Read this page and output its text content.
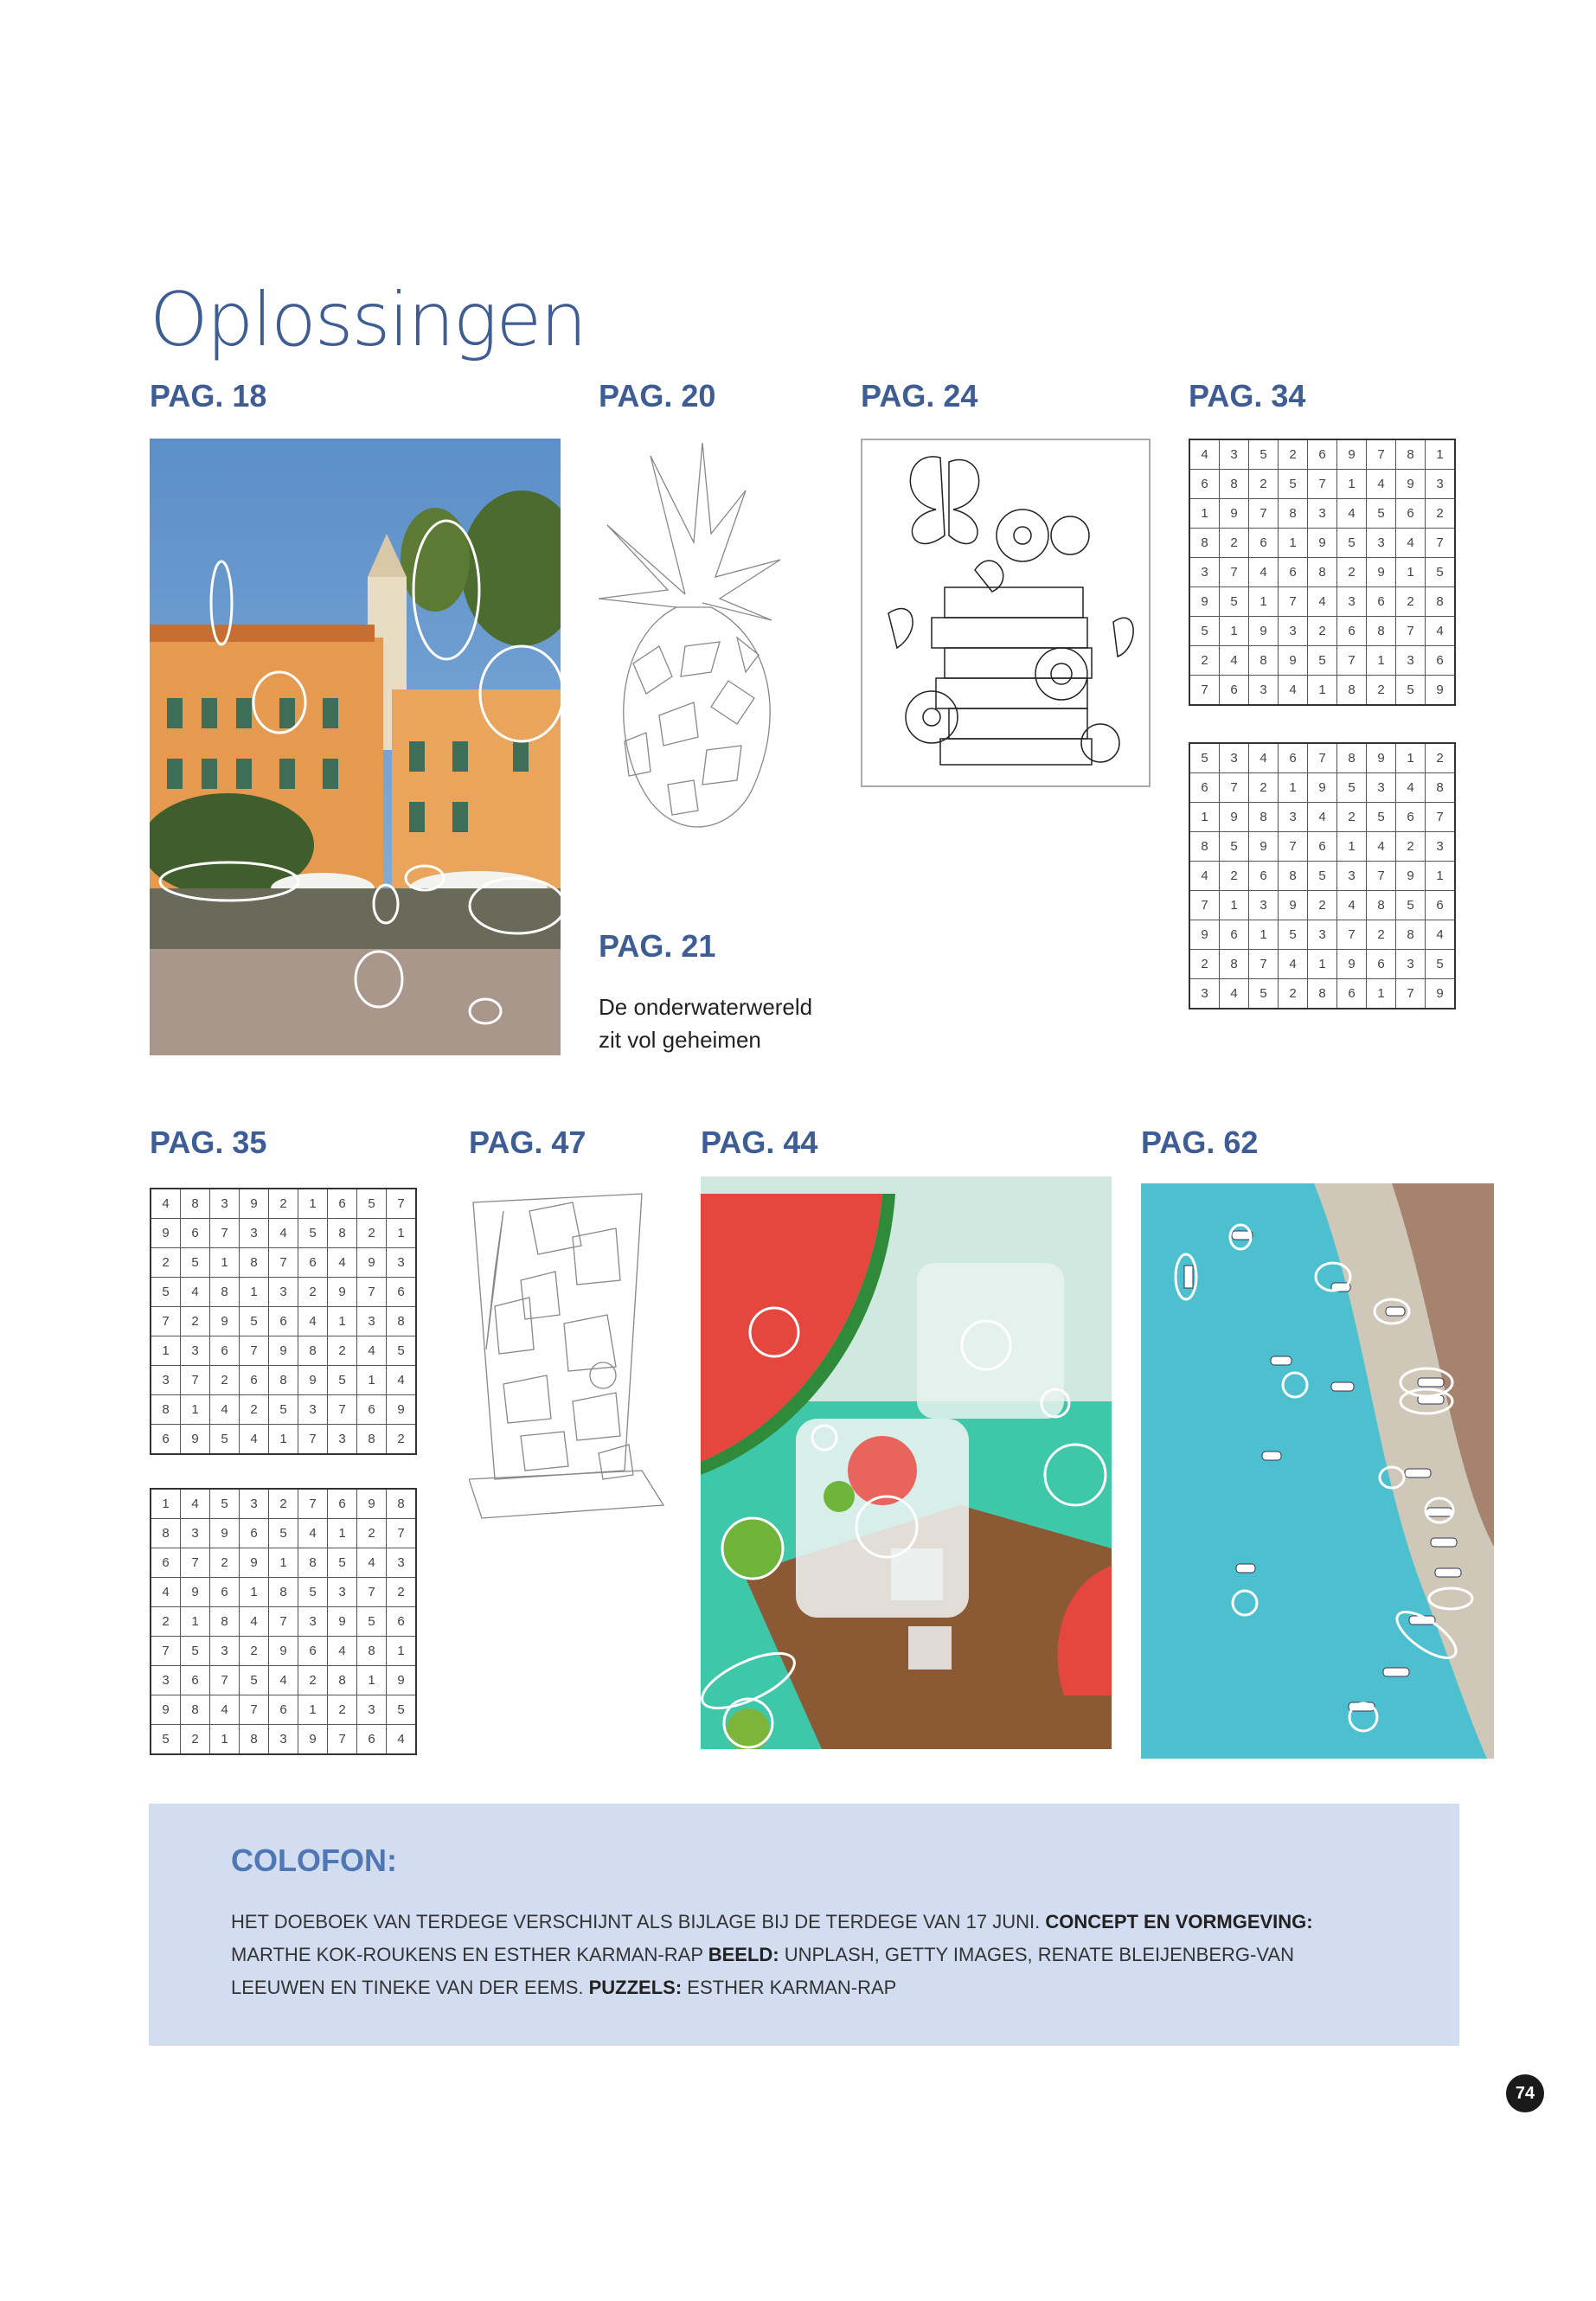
Oplossingen
PAG. 18	PAG. 20	PAG. 24	PAG. 34
PAG. 21
PAG. 35	PAG. 47	PAG. 44	PAG. 62
De onderwaterwereld
zit vol geheimen
4	3	5	2	6	9	7	8	1
6	8	2	5	7	1	4	9	3
1	9	7	8	3	4	5	6	2
8	2	6	1	9	5	3	4	7
3	7	4	6	8	2	9	1	5
9	5	1	7	4	3	6	2	8
5	1	9	3	2	6	8	7	4
2	4	8	9	5	7	1	3	6
7	6	3	4	1	8	2	5	9
5	3	4	6	7	8	9	1	2
6	7	2	1	9	5	3	4	8
1	9	8	3	4	2	5	6	7
8	5	9	7	6	1	4	2	3
4	2	6	8	5	3	7	9	1
7	1	3	9	2	4	8	5	6
9	6	1	5	3	7	2	8	4
2	8	7	4	1	9	6	3	5
3	4	5	2	8	6	1	7	9
4	8	3	9	2	1	6	5	7
9	6	7	3	4	5	8	2	1
2	5	1	8	7	6	4	9	3
5	4	8	1	3	2	9	7	6
7	2	9	5	6	4	1	3	8
1	3	6	7	9	8	2	4	5
3	7	2	6	8	9	5	1	4
8	1	4	2	5	3	7	6	9
6	9	5	4	1	7	3	8	2
1	4	5	3	2	7	6	9	8
8	3	9	6	5	4	1	2	7
6	7	2	9	1	8	5	4	3
4	9	6	1	8	5	3	7	2
2	1	8	4	7	3	9	5	6
7	5	3	2	9	6	4	8	1
3	6	7	5	4	2	8	1	9
9	8	4	7	6	1	2	3	5
5	2	1	8	3	9	7	6	4
COLOFON:
HET DOEBOEK VAN TERDEGE VERSCHIJNT ALS BIJLAGE BIJ DE TERDEGE VAN 17 JUNI. CONCEPT EN VORMGEVING: MARTHE KOK-ROUKENS EN ESTHER KARMAN-RAP BEELD: UNPLASH, GETTY IMAGES, RENATE BLEIJENBERG-VAN LEEUWEN EN TINEKE VAN DER EEMS. PUZZELS: ESTHER KARMAN-RAP
74
